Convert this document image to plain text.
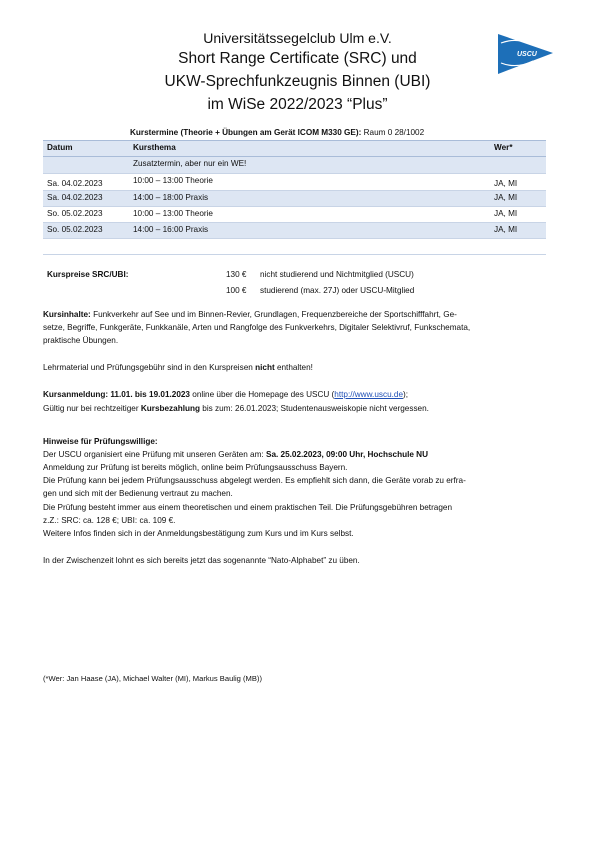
Universitätssegelclub Ulm e.V.
Short Range Certificate (SRC) und
UKW-Sprechfunkzeugnis Binnen (UBI)
im WiSe 2022/2023 “Plus”
USCU
Kurstermine (Theorie + Übungen am Gerät ICOM M330 GE): Raum 0 28/1002
Datum	Kursthema	Wer*
Zusatztermin, aber nur ein WE!
Sa. 04.02.2023	10:00 – 13:00 Theorie	JA, MI
Sa. 04.02.2023	14:00 – 18:00 Praxis	JA, MI
So. 05.02.2023	10:00 – 13:00 Theorie	JA, MI
So. 05.02.2023	14:00 – 16:00 Praxis	JA, MI
Kurspreise SRC/UBI:	130 € nicht studierend und Nichtmitglied (USCU)
100 € studierend (max. 27J) oder USCU-Mitglied
Kursinhalte: Funkverkehr auf See und im Binnen-Revier, Grundlagen, Frequenzbereiche der Sportschifffahrt, Ge-
setze, Begriffe, Funkgeräte, Funkkanäle, Arten und Rangfolge des Funkverkehrs, Digitaler Selektivruf, Funkschemata,
praktische Übungen.
Lehrmaterial und Prüfungsgebühr sind in den Kurspreisen nicht enthalten!
Kursanmeldung: 11.01. bis 19.01.2023 online über die Homepage des USCU (http://www.uscu.de);
Gültig nur bei rechtzeitiger Kursbezahlung bis zum: 26.01.2023; Studentenausweiskopie nicht vergessen.
Hinweise für Prüfungswillige:
Der USCU organisiert eine Prüfung mit unseren Geräten am: Sa. 25.02.2023, 09:00 Uhr, Hochschule NU
Anmeldung zur Prüfung ist bereits möglich, online beim Prüfungsausschuss Bayern.
Die Prüfung kann bei jedem Prüfungsausschuss abgelegt werden. Es empfiehlt sich dann, die Geräte vorab zu erfra-
gen und sich mit der Bedienung vertraut zu machen.
Die Prüfung besteht immer aus einem theoretischen und einem praktischen Teil. Die Prüfungsgebühren betragen
z.Z.: SRC: ca. 128 €; UBI: ca. 109 €.
Weitere Infos finden sich in der Anmeldungsbestätigung zum Kurs und im Kurs selbst.
In der Zwischenzeit lohnt es sich bereits jetzt das sogenannte “Nato-Alphabet” zu üben.
(*Wer: Jan Haase (JA), Michael Walter (MI), Markus Baulig (MB))
